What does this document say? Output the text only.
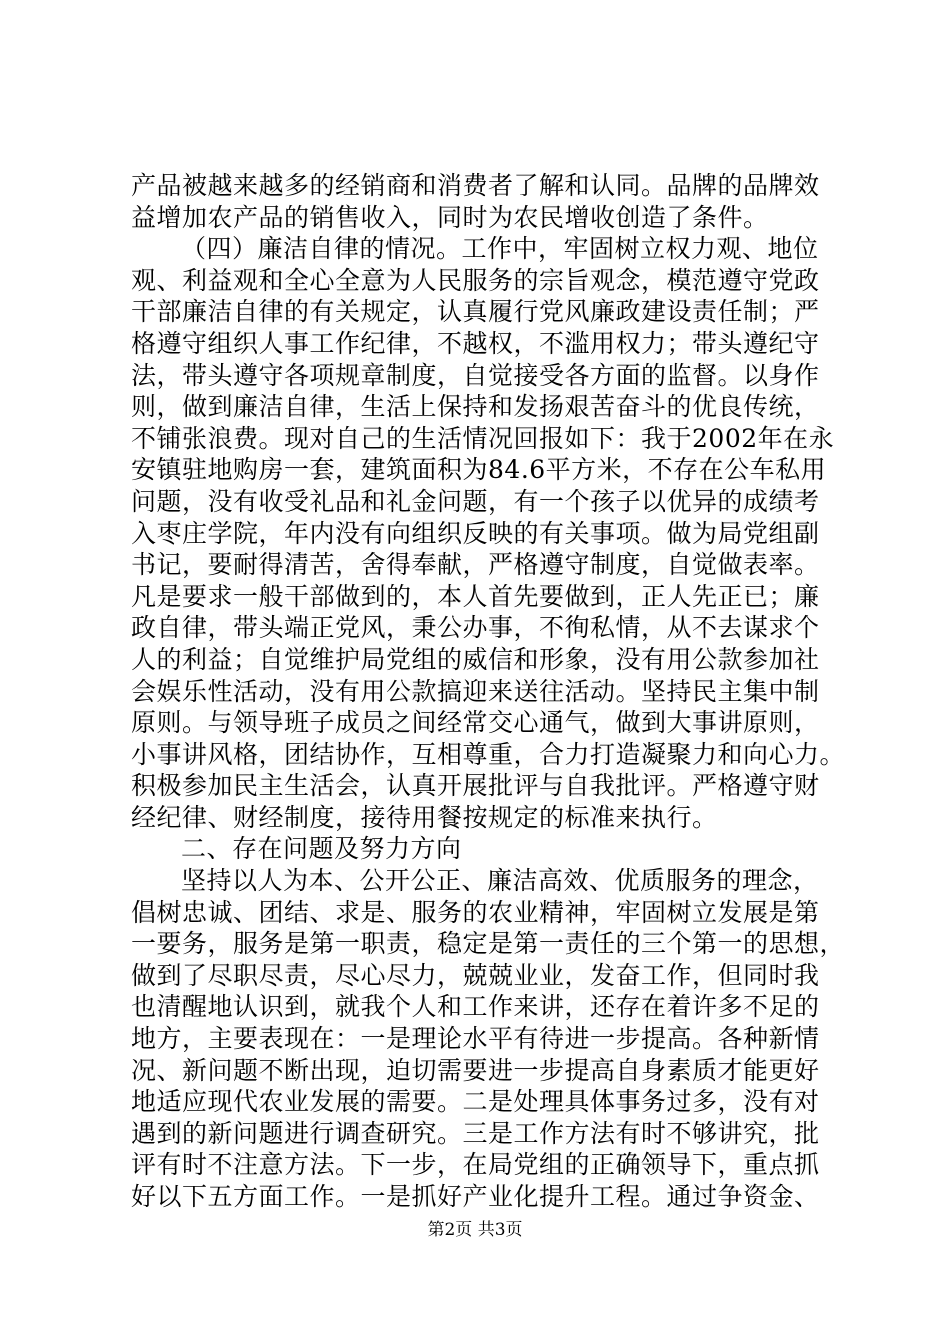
产品被越来越多的经销商和消费者了解和认同。品牌的品牌效
益增加农产品的销售收入，同时为农民增收创造了条件。
（四）廉洁自律的情况。工作中，牢固树立权力观、地位
观、利益观和全心全意为人民服务的宗旨观念，模范遵守党政
干部廉洁自律的有关规定，认真履行党风廉政建设责任制；严
格遵守组织人事工作纪律，不越权，不滥用权力；带头遵纪守
法，带头遵守各项规章制度，自觉接受各方面的监督。以身作
则，做到廉洁自律，生活上保持和发扬艰苦奋斗的优良传统，
不铺张浪费。现对自己的生活情况回报如下：我于2002年在永
安镇驻地购房一套，建筑面积为84.6平方米，不存在公车私用
问题，没有收受礼品和礼金问题，有一个孩子以优异的成绩考
入枣庄学院，年内没有向组织反映的有关事项。做为局党组副
书记，要耐得清苦，舍得奉献，严格遵守制度，自觉做表率。
凡是要求一般干部做到的，本人首先要做到，正人先正已；廉
政自律，带头端正党风，秉公办事，不徇私情，从不去谋求个
人的利益；自觉维护局党组的威信和形象，没有用公款参加社
会娱乐性活动，没有用公款搞迎来送往活动。坚持民主集中制
原则。与领导班子成员之间经常交心通气，做到大事讲原则，
小事讲风格，团结协作，互相尊重，合力打造凝聚力和向心力。
积极参加民主生活会，认真开展批评与自我批评。严格遵守财
经纪律、财经制度，接待用餐按规定的标准来执行。
二、存在问题及努力方向
坚持以人为本、公开公正、廉洁高效、优质服务的理念，
倡树忠诚、团结、求是、服务的农业精神，牢固树立发展是第
一要务，服务是第一职责，稳定是第一责任的三个第一的思想，
做到了尽职尽责，尽心尽力，兢兢业业，发奋工作，但同时我
也清醒地认识到，就我个人和工作来讲，还存在着许多不足的
地方，主要表现在：一是理论水平有待进一步提高。各种新情
况、新问题不断出现，迫切需要进一步提高自身素质才能更好
地适应现代农业发展的需要。二是处理具体事务过多，没有对
遇到的新问题进行调查研究。三是工作方法有时不够讲究，批
评有时不注意方法。下一步，在局党组的正确领导下，重点抓
好以下五方面工作。一是抓好产业化提升工程。通过争资金、
第2页 共3页
